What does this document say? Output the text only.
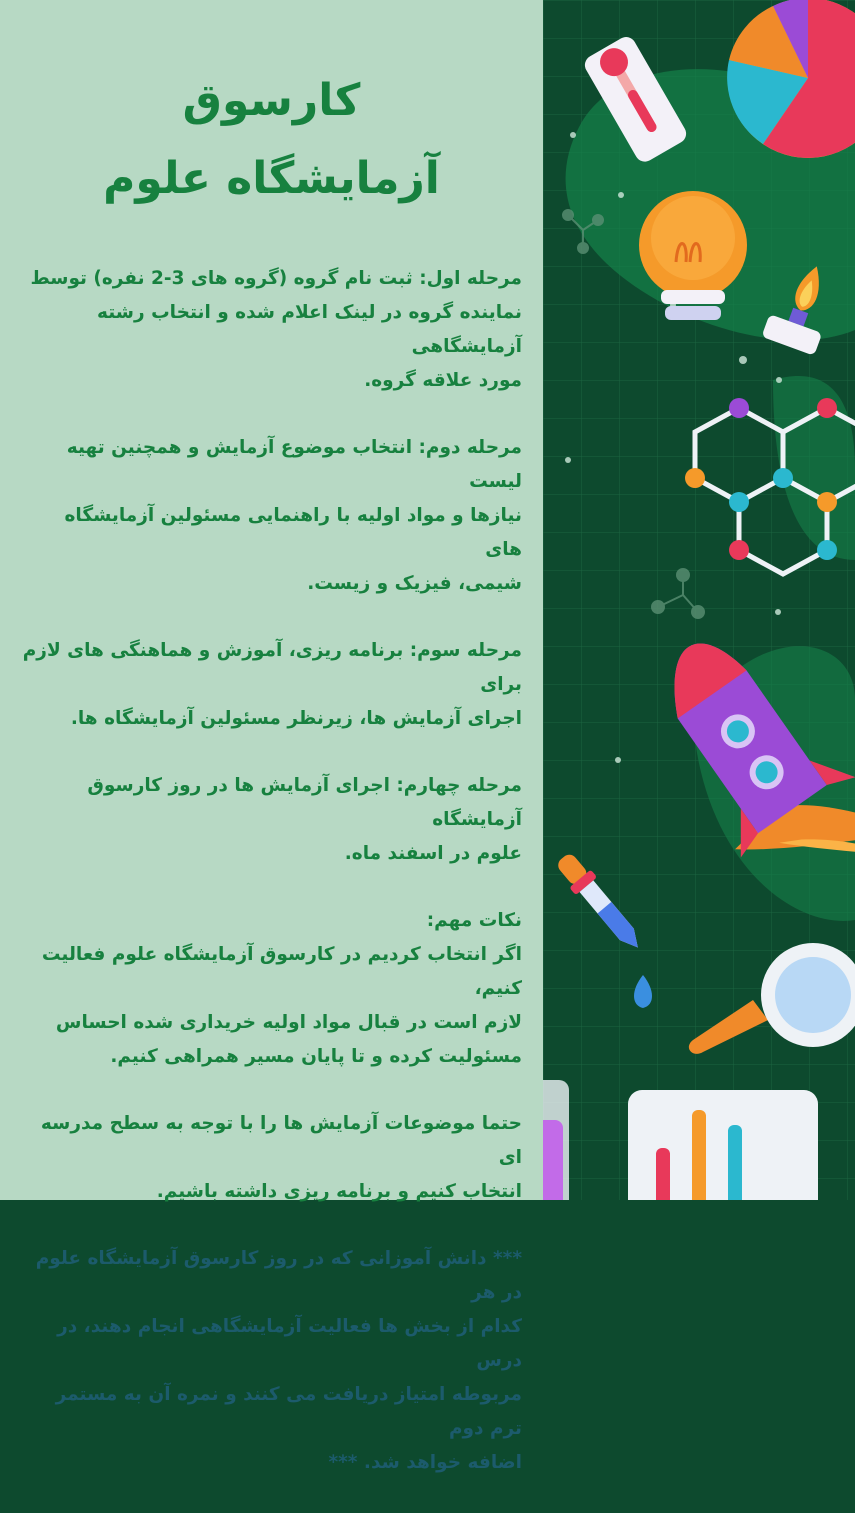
کارسوق
آزمایشگاه علوم

مرحله اول: ثبت نام گروه (گروه های 3-2 نفره) توسط
نماینده گروه در لینک اعلام شده و انتخاب رشته آزمایشگاهی
مورد علاقه گروه.

مرحله دوم: انتخاب موضوع آزمایش و همچنین تهیه لیست
نیازها و مواد اولیه با راهنمایی مسئولین آزمایشگاه های
شیمی، فیزیک و زیست.

مرحله سوم: برنامه ریزی، آموزش و هماهنگی های لازم برای
اجرای آزمایش ها، زیرنظر مسئولین آزمایشگاه ها.

مرحله چهارم: اجرای آزمایش ها در روز کارسوق آزمایشگاه
علوم در اسفند ماه.

نکات مهم:
اگر انتخاب کردیم در کارسوق آزمایشگاه علوم فعالیت کنیم،
لازم است در قبال مواد اولیه خریداری شده احساس
مسئولیت کرده و تا پایان مسیر همراهی کنیم.

حتما موضوعات آزمایش ها را با توجه به سطح مدرسه ای
انتخاب کنیم و برنامه ریزی داشته باشیم.

*** دانش آموزانی که در روز کارسوق آزمایشگاه علوم در هر
کدام از بخش ها فعالیت آزمایشگاهی انجام دهند، در درس
مربوطه امتیاز دریافت می کنند و نمره آن به مستمر ترم دوم
اضافه خواهد شد. ***
